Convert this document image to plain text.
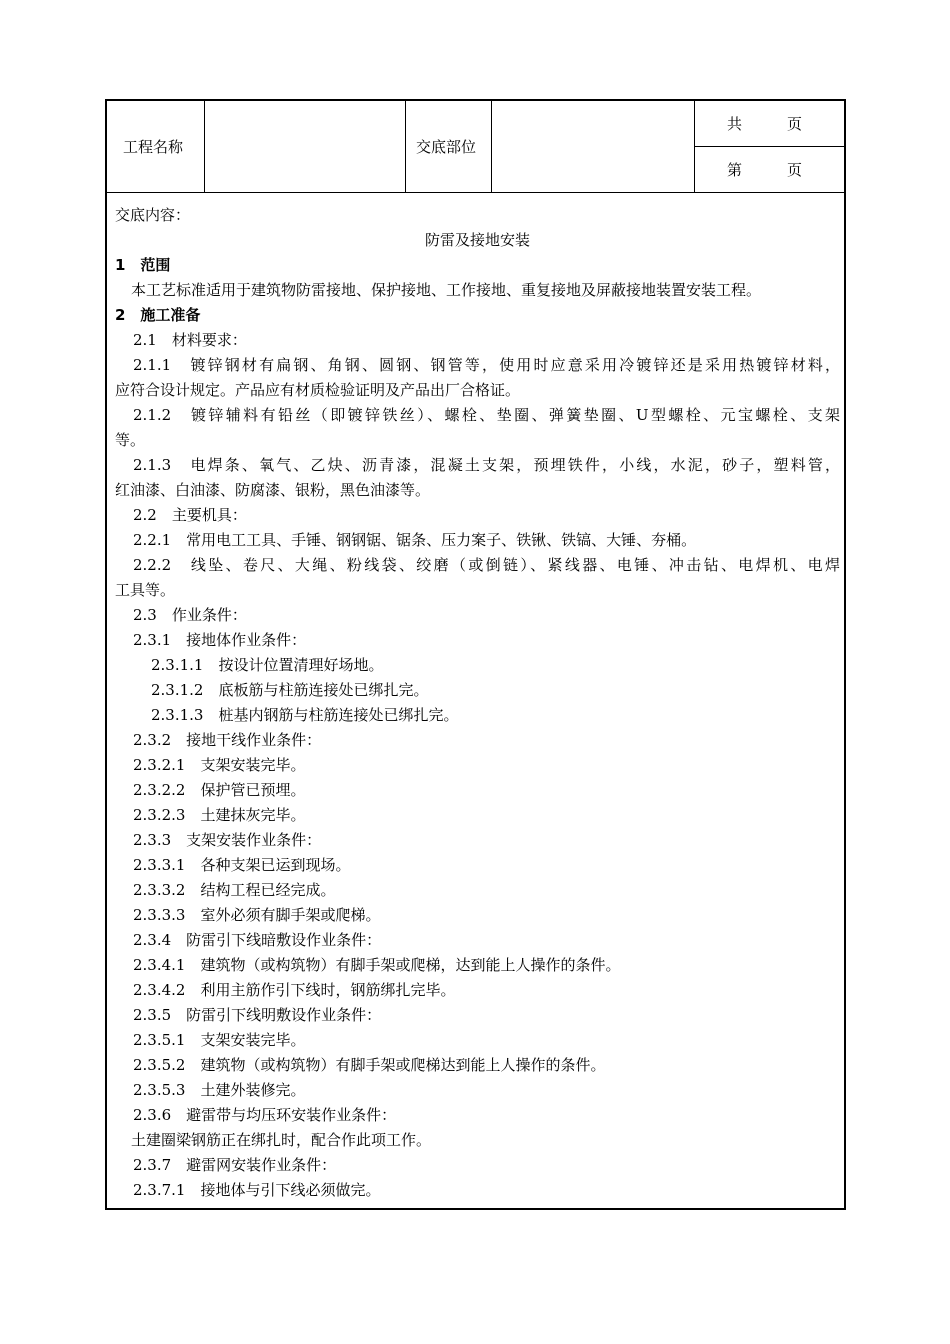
工程名称	交底部位
共　　　页
第　　　页
交底内容：
防雷及接地安装
1　范围
本工艺标准适用于建筑物防雷接地、保护接地、工作接地、重复接地及屏蔽接地装置安装工程。
2　施工准备
2.1　材料要求：
2.1.1　镀锌钢材有扁钢、角钢、圆钢、钢管等，使用时应意采用冷镀锌还是采用热镀锌材料，
应符合设计规定。产品应有材质检验证明及产品出厂合格证。
2.1.2　镀锌辅料有铅丝（即镀锌铁丝）、螺栓、垫圈、弹簧垫圈、U型螺栓、元宝螺栓、支架
等。
2.1.3　电焊条、氧气、乙炔、沥青漆，混凝土支架，预埋铁件，小线，水泥，砂子，塑料管，
红油漆、白油漆、防腐漆、银粉，黑色油漆等。
2.2　主要机具：
2.2.1　常用电工工具、手锤、钢钢锯、锯条、压力案子、铁锹、铁镐、大锤、夯桶。
2.2.2　线坠、卷尺、大绳、粉线袋、绞磨（或倒链）、紧线器、电锤、冲击钻、电焊机、电焊
工具等。
2.3　作业条件：
2.3.1　接地体作业条件：
2.3.1.1　按设计位置清理好场地。
2.3.1.2　底板筋与柱筋连接处已绑扎完。
2.3.1.3　桩基内钢筋与柱筋连接处已绑扎完。
2.3.2　接地干线作业条件：
2.3.2.1　支架安装完毕。
2.3.2.2　保护管已预埋。
2.3.2.3　土建抹灰完毕。
2.3.3　支架安装作业条件：
2.3.3.1　各种支架已运到现场。
2.3.3.2　结构工程已经完成。
2.3.3.3　室外必须有脚手架或爬梯。
2.3.4　防雷引下线暗敷设作业条件：
2.3.4.1　建筑物（或构筑物）有脚手架或爬梯，达到能上人操作的条件。
2.3.4.2　利用主筋作引下线时，钢筋绑扎完毕。
2.3.5　防雷引下线明敷设作业条件：
2.3.5.1　支架安装完毕。
2.3.5.2　建筑物（或构筑物）有脚手架或爬梯达到能上人操作的条件。
2.3.5.3　土建外装修完。
2.3.6　避雷带与均压环安装作业条件：
土建圈梁钢筋正在绑扎时，配合作此项工作。
2.3.7　避雷网安装作业条件：
2.3.7.1　接地体与引下线必须做完。
